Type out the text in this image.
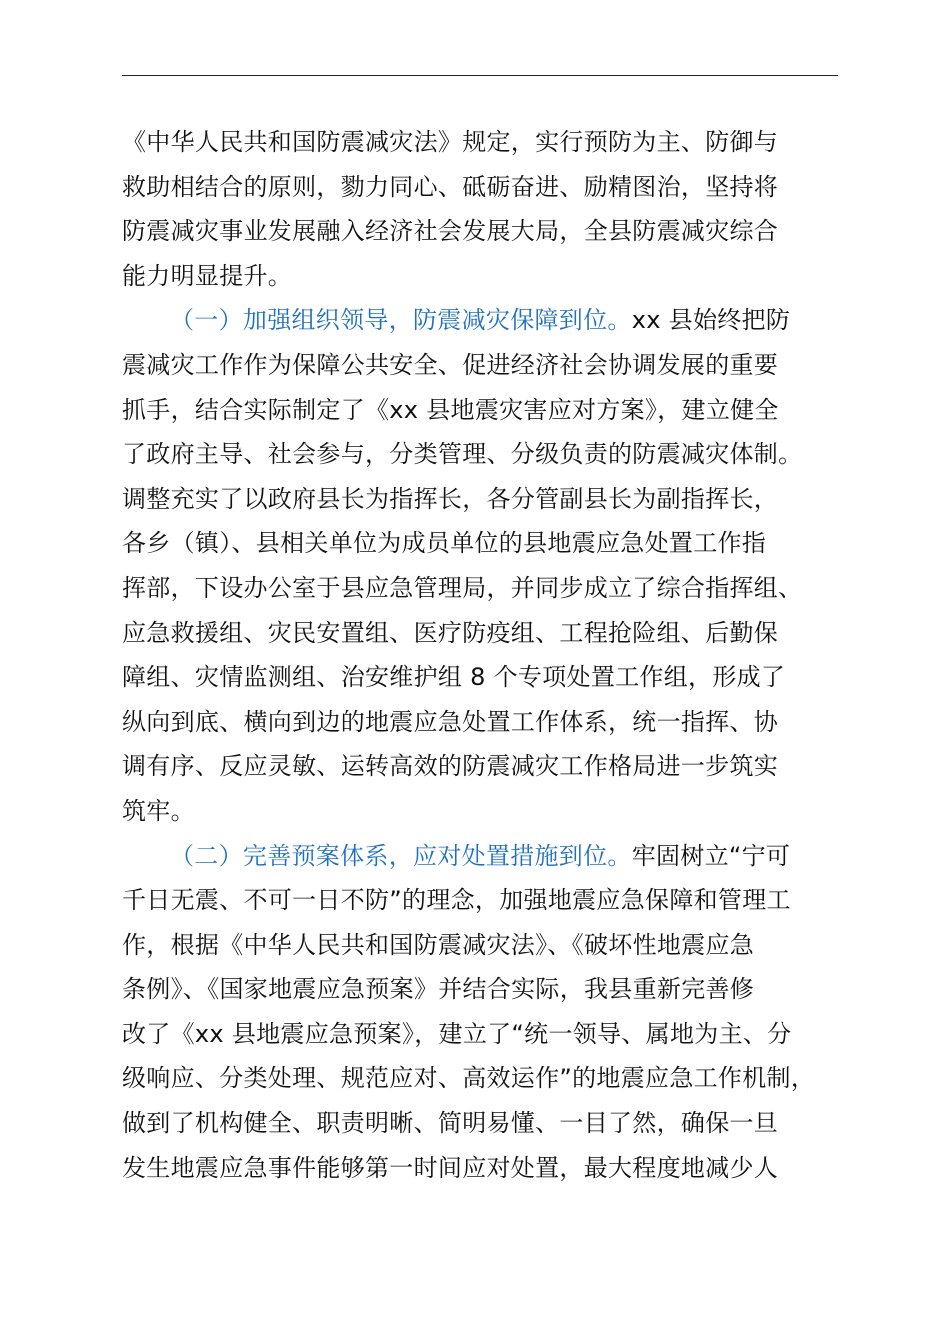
《中华人民共和国防震减灾法》规定，实行预防为主、防御与
救助相结合的原则，勠力同心、砥砺奋进、励精图治，坚持将
防震减灾事业发展融入经济社会发展大局，全县防震减灾综合
能力明显提升。
（一）加强组织领导，防震减灾保障到位。xx 县始终把防
震减灾工作作为保障公共安全、促进经济社会协调发展的重要
抓手，结合实际制定了《xx 县地震灾害应对方案》，建立健全
了政府主导、社会参与，分类管理、分级负责的防震减灾体制。
调整充实了以政府县长为指挥长，各分管副县长为副指挥长，
各乡（镇）、县相关单位为成员单位的县地震应急处置工作指
挥部，下设办公室于县应急管理局，并同步成立了综合指挥组、
应急救援组、灾民安置组、医疗防疫组、工程抢险组、后勤保
障组、灾情监测组、治安维护组 8 个专项处置工作组，形成了
纵向到底、横向到边的地震应急处置工作体系，统一指挥、协
调有序、反应灵敏、运转高效的防震减灾工作格局进一步筑实
筑牢。
（二）完善预案体系，应对处置措施到位。牢固树立“宁可
千日无震、不可一日不防”的理念，加强地震应急保障和管理工
作，根据《中华人民共和国防震减灾法》、《破坏性地震应急
条例》、《国家地震应急预案》并结合实际，我县重新完善修
改了《xx 县地震应急预案》，建立了“统一领导、属地为主、分
级响应、分类处理、规范应对、高效运作”的地震应急工作机制，
做到了机构健全、职责明晰、简明易懂、一目了然，确保一旦
发生地震应急事件能够第一时间应对处置，最大程度地减少人
